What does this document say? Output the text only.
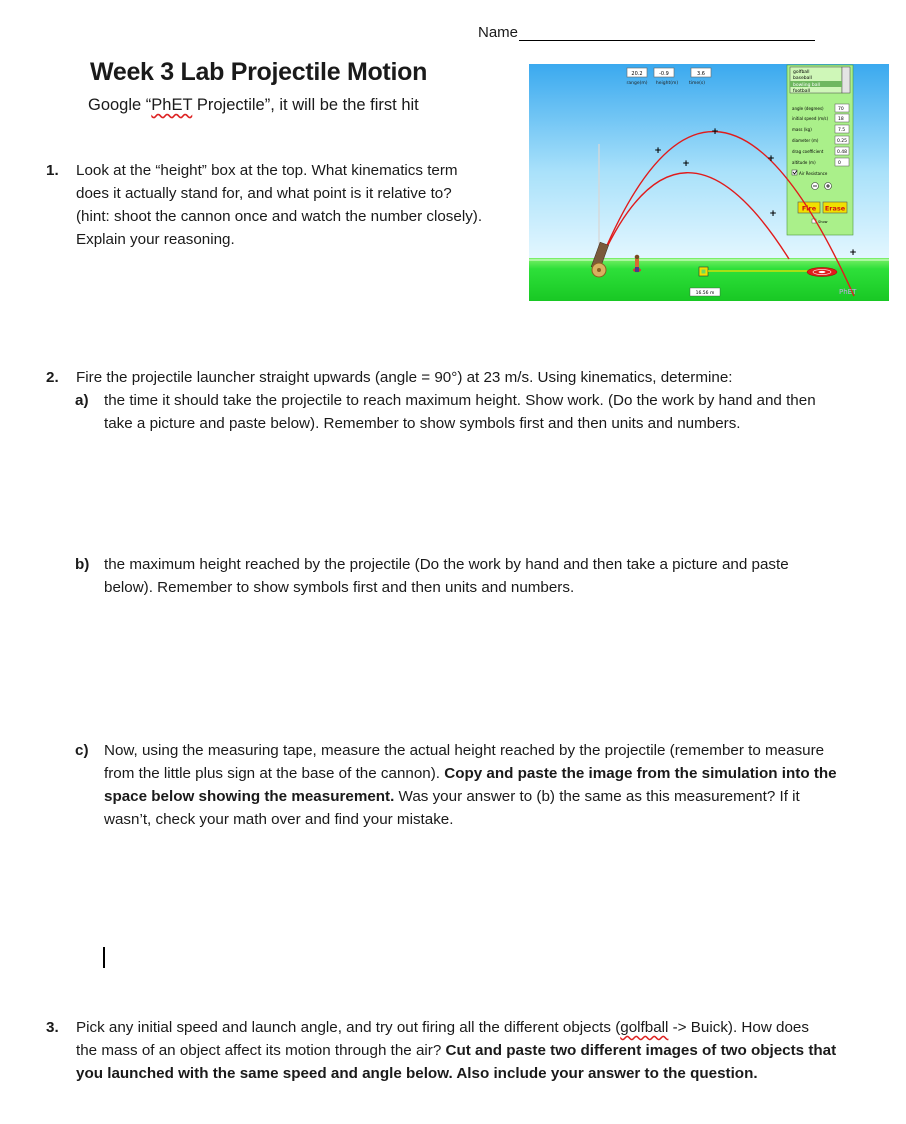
Name
Week 3 Lab Projectile Motion
Google “PhET Projectile”, it will be the first hit
1. Look at the “height” box at the top. What kinematics term
does it actually stand for, and what point is it relative to?
(hint: shoot the cannon once and watch the number closely).
Explain your reasoning.
20.2	-0.9	3.6
range(m) height(m) time(s)
golfball
baseball
bowling ball
football
angle (degrees)	70
initial speed (m/s) 18
mass (kg)	7.5
diameter (m)	0.25
drag coefficient	0.48
altitude (m)	0
Air Resistance
Fire Erase
Show
+
+
+
+
+
+
16.56 m	PhET
2. Fire the projectile launcher straight upwards (angle = 90°) at 23 m/s. Using kinematics, determine:
a) the time it should take the projectile to reach maximum height. Show work. (Do the work by hand and then
take a picture and paste below). Remember to show symbols first and then units and numbers.
b) the maximum height reached by the projectile (Do the work by hand and then take a picture and paste
below). Remember to show symbols first and then units and numbers.
c) Now, using the measuring tape, measure the actual height reached by the projectile (remember to measure
from the little plus sign at the base of the cannon). Copy and paste the image from the simulation into the
space below showing the measurement. Was your answer to (b) the same as this measurement? If it
wasn’t, check your math over and find your mistake.
3. Pick any initial speed and launch angle, and try out firing all the different objects (golfball -> Buick). How does
the mass of an object affect its motion through the air? Cut and paste two different images of two objects that
you launched with the same speed and angle below. Also include your answer to the question.
